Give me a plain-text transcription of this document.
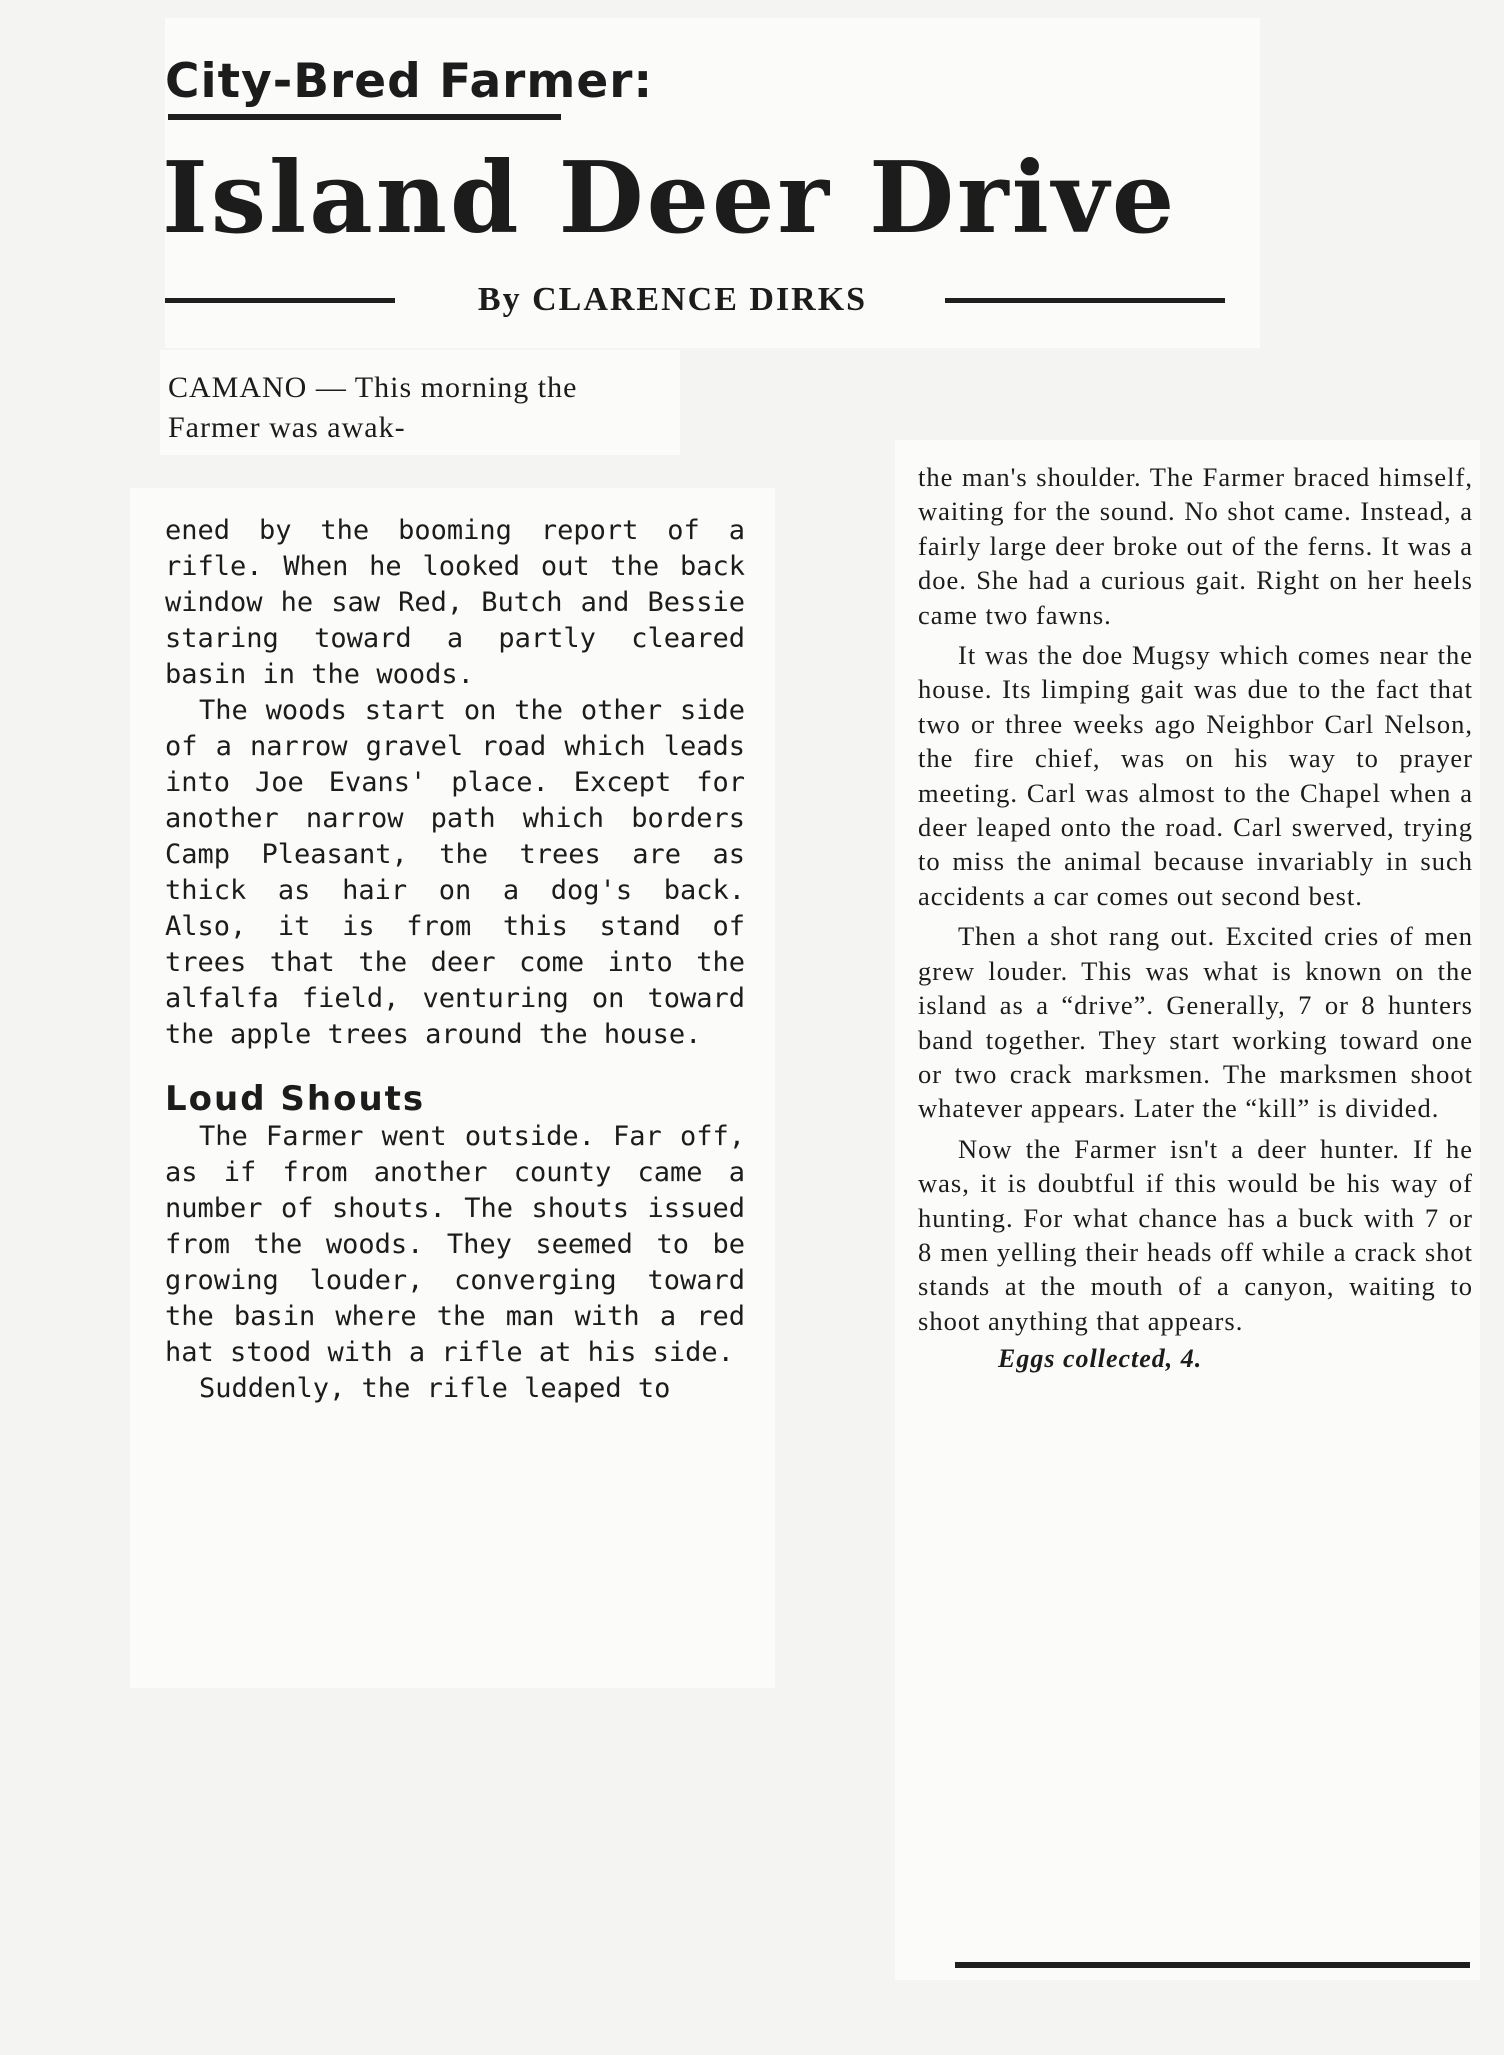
City-Bred Farmer:
Island Deer Drive
By CLARENCE DIRKS

CAMANO — This morning the Farmer was awak-

ened by the booming report of a rifle. When he looked out the back window he saw Red, Butch and Bessie staring toward a partly cleared basin in the woods.

The woods start on the other side of a narrow gravel road which leads into Joe Evans' place. Except for another narrow path which borders Camp Pleasant, the trees are as thick as hair on a dog's back. Also, it is from this stand of trees that the deer come into the alfalfa field, venturing on toward the apple trees around the house.

Loud Shouts

The Farmer went outside. Far off, as if from another county came a number of shouts. The shouts issued from the woods. They seemed to be growing louder, converging toward the basin where the man with a red hat stood with a rifle at his side.

Suddenly, the rifle leaped to

the man's shoulder. The Farmer braced himself, waiting for the sound. No shot came. Instead, a fairly large deer broke out of the ferns. It was a doe. She had a curious gait. Right on her heels came two fawns.

It was the doe Mugsy which comes near the house. Its limping gait was due to the fact that two or three weeks ago Neighbor Carl Nelson, the fire chief, was on his way to prayer meeting. Carl was almost to the Chapel when a deer leaped onto the road. Carl swerved, trying to miss the animal because invariably in such accidents a car comes out second best.

Then a shot rang out. Excited cries of men grew louder. This was what is known on the island as a “drive”. Generally, 7 or 8 hunters band together. They start working toward one or two crack marksmen. The marksmen shoot whatever appears. Later the “kill” is divided.

Now the Farmer isn't a deer hunter. If he was, it is doubtful if this would be his way of hunting. For what chance has a buck with 7 or 8 men yelling their heads off while a crack shot stands at the mouth of a canyon, waiting to shoot anything that appears.

Eggs collected, 4.
